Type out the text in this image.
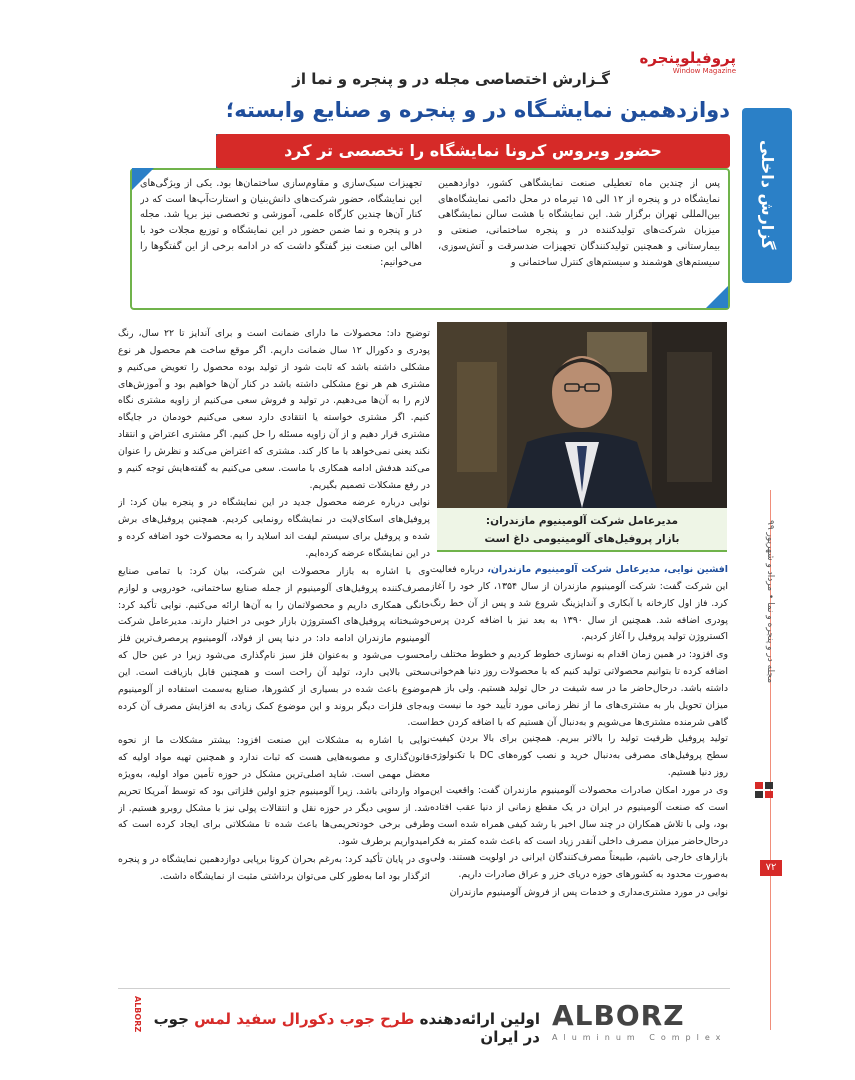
پروفیلوپنجره
Window Magazine
گـزارش اختصاصی مجله در و پنجره و نما از
دوازدهمین نمایشـگاه در و پنجره و صنایع وابسته؛
حضور ویروس کرونا نمایشگاه را تخصصی تر کرد	گزارش داخلی
مجله در و پنجره و نما • مرداد و شهریور ۹۹
۷۲
پس از چندین ماه تعطیلی صنعت نمایشگاهی کشور، دوازدهمین نمایشگاه در و پنجره از ۱۲ الی ۱۵ تیرماه در محل دائمی نمایشگاه‌های بین‌المللی تهران برگزار شد. این نمایشگاه با هشت سالن نمایشگاهی میزبان شرکت‌های تولیدکننده در و پنجره ساختمانی، صنعتی و بیمارستانی و همچنین تولیدکنندگان تجهیزات ضدسرقت و آتش‌سوزی، سیستم‌های هوشمند و سیستم‌های کنترل ساختمانی و
تجهیزات سبک‌سازی و مقاوم‌سازی ساختمان‌ها بود. یکی از ویژگی‌های این نمایشگاه، حضور شرکت‌های دانش‌بنیان و استارت‌آپ‌ها است که در کنار آن‌ها چندین کارگاه علمی، آموزشی و تخصصی نیز برپا شد. مجله در و پنجره و نما ضمن حضور در این نمایشگاه و توزیع مجلات خود با اهالی این صنعت نیز گفتگو داشت که در ادامه برخی از این گفتگوها را می‌خوانیم:
مدیرعامل شرکت آلومینیوم مازندران:
بازار پروفیل‌های آلومینیومی داغ است

افشین نوایی، مدیرعامل شرکت آلومینیوم مازندران، درباره فعالیت این شرکت گفت: شرکت آلومینیوم مازندران از سال ۱۳۵۴، کار خود را آغاز کرد. فاز اول کارخانه با آبکاری و آندایزینگ شروع شد و پس از آن خط رنگ پودری اضافه شد. همچنین از سال ۱۳۹۰ به بعد نیز با اضافه کردن پرس اکستروژن تولید پروفیل را آغاز کردیم.

وی افزود: در همین زمان اقدام به نوسازی خطوط کردیم و خطوط مختلف را اضافه کرده تا بتوانیم محصولاتی تولید کنیم که با محصولات روز دنیا هم‌خوانی داشته باشد. درحال‌حاضر ما در سه شیفت در حال تولید هستیم. ولی باز هم میزان تحویل بار به مشتری‌های ما از نظر زمانی مورد تأیید خود ما نیست و گاهی شرمنده مشتری‌ها می‌شویم و به‌دنبال آن هستیم که با اضافه کردن خط تولید پروفیل ظرفیت تولید را بالاتر ببریم. همچنین برای بالا بردن کیفیت سطح پروفیل‌های مصرفی به‌دنبال خرید و نصب کوره‌های DC با تکنولوژی روز دنیا هستیم.

وی در مورد امکان صادرات محصولات آلومینیوم مازندران گفت: واقعیت این است که صنعت آلومینیوم در ایران در یک مقطع زمانی از دنیا عقب افتاده بود، ولی با تلاش همکاران در چند سال اخیر با رشد کیفی همراه شده است و درحال‌حاضر میزان مصرف داخلی آنقدر زیاد است که باعث شده کمتر به فکر بازارهای خارجی باشیم، طبیعتاً مصرف‌کنندگان ایرانی در اولویت هستند. ولی به‌صورت محدود به کشورهای حوزه دریای خزر و عراق صادرات داریم.

نوایی در مورد مشتری‌مداری و خدمات پس از فروش آلومینیوم مازندران

توضیح داد: محصولات ما دارای ضمانت است و برای آندایز تا ۲۲ سال، رنگ پودری و دکورال ۱۲ سال ضمانت داریم. اگر موقع ساخت هم محصول هر نوع مشکلی داشته باشد که ثابت شود از تولید بوده محصول را تعویض می‌کنیم و مشتری هم هر نوع مشکلی داشته باشد در کنار آن‌ها خواهیم بود و آموزش‌های لازم را به آن‌ها می‌دهیم. در تولید و فروش سعی می‌کنیم از زاویه مشتری نگاه کنیم. اگر مشتری خواسته یا انتقادی دارد سعی می‌کنیم خودمان در جایگاه مشتری قرار دهیم و از آن زاویه مسئله را حل کنیم. اگر مشتری اعتراض و انتقاد نکند یعنی نمی‌خواهد با ما کار کند. مشتری که اعتراض می‌کند و نظرش را عنوان می‌کند هدفش ادامه همکاری با ماست. سعی می‌کنیم به گفته‌هایش توجه کنیم و در رفع مشکلات تصمیم بگیریم.

نوایی درباره عرضه محصول جدید در این نمایشگاه در و پنجره بیان کرد: از پروفیل‌های اسکای‌لایت در نمایشگاه رونمایی کردیم. همچنین پروفیل‌های برش شده و پروفیل برای سیستم لیفت اند اسلاید را به محصولات خود اضافه کرده و در این نمایشگاه عرضه کرده‌ایم.

وی با اشاره به بازار محصولات این شرکت، بیان کرد: با تمامی صنایع مصرف‌کننده پروفیل‌های آلومینیوم از جمله صنایع ساختمانی، خودرویی و لوازم خانگی همکاری داریم و محصولاتمان را به آن‌ها ارائه می‌کنیم. نوایی تأکید کرد: خوشبختانه پروفیل‌های اکستروژن بازار خوبی در اختیار دارند. مدیرعامل شرکت آلومینیوم مازندران ادامه داد: در دنیا پس از فولاد، آلومینیوم پرمصرف‌ترین فلز محسوب می‌شود و به‌عنوان فلز سبز نام‌گذاری می‌شود زیرا در عین حال که سختی بالایی دارد، تولید آن راحت است و همچنین قابل بازیافت است. این موضوع باعث شده در بسیاری از کشورها، صنایع به‌سمت استفاده از آلومینیوم به‌جای فلزات دیگر بروند و این موضوع کمک زیادی به افزایش مصرف آن کرده است.

نوایی با اشاره به مشکلات این صنعت افزود: بیشتر مشکلات ما از نحوه قانون‌گذاری و مصوبه‌هایی هست که ثبات ندارد و همچنین تهیه مواد اولیه که معضل مهمی است. شاید اصلی‌ترین مشکل در حوزه تأمین مواد اولیه، به‌ویژه مواد وارداتی باشد. زیرا آلومینیوم جزو اولین فلزاتی بود که توسط آمریکا تحریم شد. از سویی دیگر در حوزه نقل و انتقالات پولی نیز با مشکل روبرو هستیم. از طرفی برخی خودتحریمی‌ها باعث شده تا مشکلاتی برای ایجاد کرده است که امیدواریم برطرف شود.

وی در پایان تأکید کرد: به‌رغم بحران کرونا برپایی دوازدهمین نمایشگاه در و پنجره اثرگذار بود اما به‌طور کلی می‌توان برداشتی مثبت از نمایشگاه داشت.

ALBORZ
Aluminum Complex
اولین ارائه‌دهنده طرح جوب دکورال سفید لمس جوب در ایران
ALBORZ
